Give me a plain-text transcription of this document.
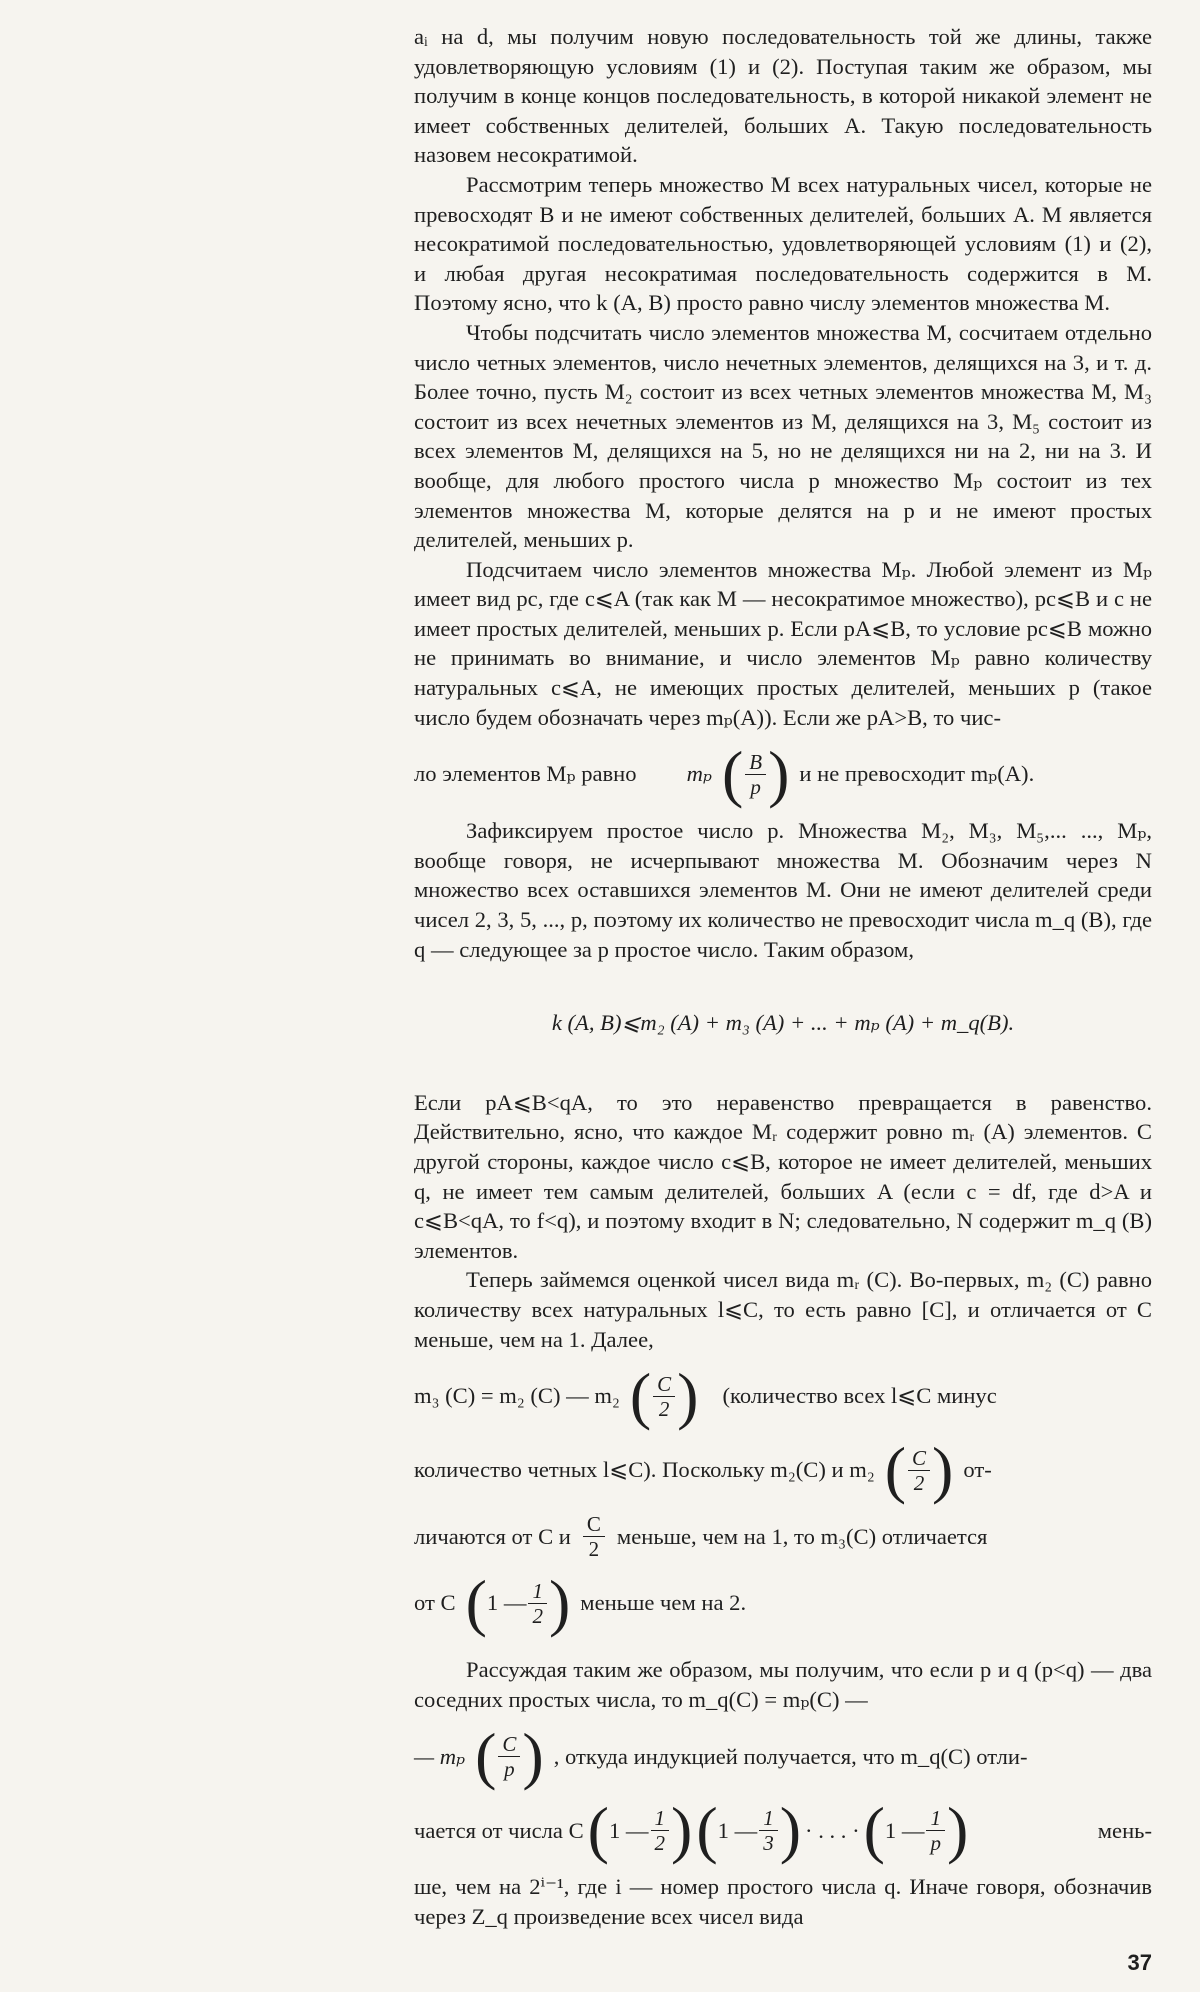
aᵢ на d, мы получим новую последовательность той же длины, также удовлетворяющую условиям (1) и (2). Поступая таким же образом, мы получим в конце концов последовательность, в которой никакой элемент не имеет собственных делителей, больших A. Такую последовательность назовем несократимой.

Рассмотрим теперь множество M всех натуральных чисел, которые не превосходят B и не имеют собственных делителей, больших A. M является несократимой последовательностью, удовлетворяющей условиям (1) и (2), и любая другая несократимая последовательность содержится в M. Поэтому ясно, что k (A, B) просто равно числу элементов множества M.

Чтобы подсчитать число элементов множества M, сосчитаем отдельно число четных элементов, число нечетных элементов, делящихся на 3, и т. д. Более точно, пусть M₂ состоит из всех четных элементов множества M, M₃ состоит из всех нечетных элементов из M, делящихся на 3, M₅ состоит из всех элементов M, делящихся на 5, но не делящихся ни на 2, ни на 3. И вообще, для любого простого числа p множество Mₚ состоит из тех элементов множества M, которые делятся на p и не имеют простых делителей, меньших p.

Подсчитаем число элементов множества Mₚ. Любой элемент из Mₚ имеет вид pc, где c⩽A (так как M — несократимое множество), pc⩽B и c не имеет простых делителей, меньших p. Если pA⩽B, то условие pc⩽B можно не принимать во внимание, и число элементов Mₚ равно количеству натуральных c⩽A, не имеющих простых делителей, меньших p (такое число будем обозначать через mₚ(A)). Если же pA>B, то чис-

ло элементов Mₚ равно mₚ ( $\frac{B}{p}$ ) и не превосходит mₚ(A).

Зафиксируем простое число p. Множества M₂, M₃, M₅,... ..., Mₚ, вообще говоря, не исчерпывают множества M. Обозначим через N множество всех оставшихся элементов M. Они не имеют делителей среди чисел 2, 3, 5, ..., p, поэтому их количество не превосходит числа m_q (B), где q — следующее за p простое число. Таким образом,

k (A, B)⩽m₂ (A) + m₃ (A) + ... + mₚ (A) + m_q(B).

Если pA⩽B<qA, то это неравенство превращается в равенство. Действительно, ясно, что каждое Mᵣ содержит ровно mᵣ (A) элементов. С другой стороны, каждое число c⩽B, которое не имеет делителей, меньших q, не имеет тем самым делителей, больших A (если c = df, где d>A и c⩽B<qA, то f<q), и поэтому входит в N; следовательно, N содержит m_q (B) элементов.

Теперь займемся оценкой чисел вида mᵣ (C). Во-первых, m₂ (C) равно количеству всех натуральных l⩽C, то есть равно [C], и отличается от C меньше, чем на 1. Далее,

m₃ (C) = m₂ (C) — m₂ ( $\frac{C}{2}$ ) (количество всех l⩽C минус
количество четных l⩽C). Поскольку m₂(C) и m₂ ( $\frac{C}{2}$ ) от-
личаются от C и $\frac{C}{2}$ меньше, чем на 1, то m₃(C) отличается
от C ( 1 — $\frac{1}{2}$ ) меньше чем на 2.

Рассуждая таким же образом, мы получим, что если p и q (p<q) — два соседних простых числа, то m_q(C) = mₚ(C) —

— mₚ ( $\frac{C}{p}$ ) , откуда индукцией получается, что m_q(C) отли-
чается от числа C ( 1 — $\frac{1}{2}$ ) ( 1 — $\frac{1}{3}$ ) · . . . · ( 1 — $\frac{1}{p}$ )	мень-

ше, чем на 2ⁱ⁻¹, где i — номер простого числа q. Иначе говоря, обозначив через Z_q произведение всех чисел вида

37
